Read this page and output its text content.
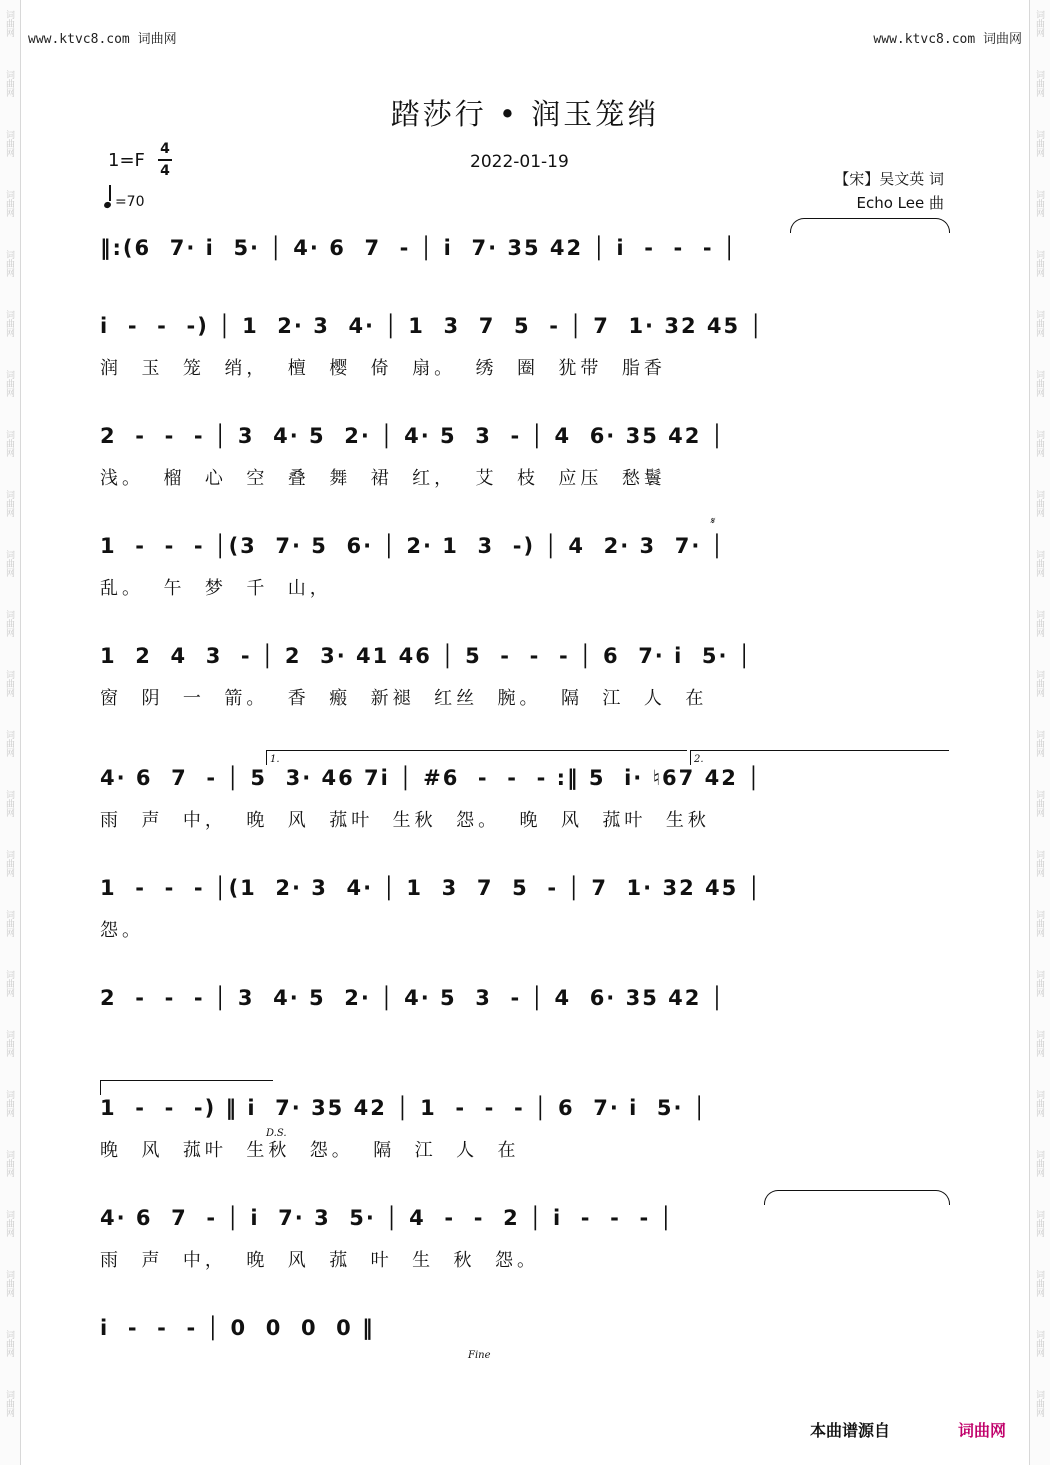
词曲网
词曲网
词曲网
词曲网
词曲网
词曲网
词曲网
词曲网
词曲网
词曲网
词曲网
词曲网
词曲网
词曲网
词曲网
词曲网
词曲网
词曲网
词曲网
词曲网
词曲网
词曲网
词曲网
词曲网
词曲网
词曲网
词曲网
词曲网
词曲网
词曲网
词曲网
词曲网
词曲网
词曲网
词曲网
词曲网
词曲网
词曲网
词曲网
词曲网
词曲网
词曲网
词曲网
词曲网
词曲网
词曲网
词曲网
词曲网
www.ktvc8.com 词曲网	www.ktvc8.com 词曲网
踏莎行 • 润玉笼绡
1=F
4
4
=70
2022-01-19
【宋】吴文英 词
Echo Lee 曲
‖:(6  7· i  5· │ 4· 6  7  - │ i  7· 35 42 │ i  -  -  - │
i  -  -  -) │ 1  2· 3  4· │ 1  3  7  5  - │ 7  1· 32 45 │
润  玉  笼  绡，  檀  樱  倚  扇。  绣  圈  犹带  脂香
2  -  -  - │ 3  4· 5  2· │ 4· 5  3  - │ 4  6· 35 42 │
浅。  榴  心  空  叠  舞  裙  红，  艾  枝  应压  愁鬟
1  -  -  - │(3  7· 5  6· │ 2· 1  3  -) │ 4  2· 3  7· │
乱。  午  梦  千  山，
1  2  4  3  - │ 2  3· 41 46 │ 5  -  -  - │ 6  7· i  5· │
窗  阴  一  箭。  香  瘢  新褪  红丝  腕。  隔  江  人  在
4· 6  7  - │ 5  3· 46 7i │ #6  -  -  - :‖ 5  i· ♮67 42 │
雨  声  中，  晚  风  菰叶  生秋  怨。  晚  风  菰叶  生秋
1  -  -  - │(1  2· 3  4· │ 1  3  7  5  - │ 7  1· 32 45 │
怨。
2  -  -  - │ 3  4· 5  2· │ 4· 5  3  - │ 4  6· 35 42 │
1  -  -  -) ‖ i  7· 35 42 │ 1  -  -  - │ 6  7· i  5· │
晚  风  菰叶  生秋  怨。  隔  江  人  在
4· 6  7  - │ i  7· 3  5· │ 4  -  -  2 │ i  -  -  - │
雨  声  中，  晚  风  菰  叶  生  秋  怨。
i  -  -  - │ 0  0  0  0 ‖
本曲谱源自	词曲网
𝄋
D.S.
Fine
1.	2.
